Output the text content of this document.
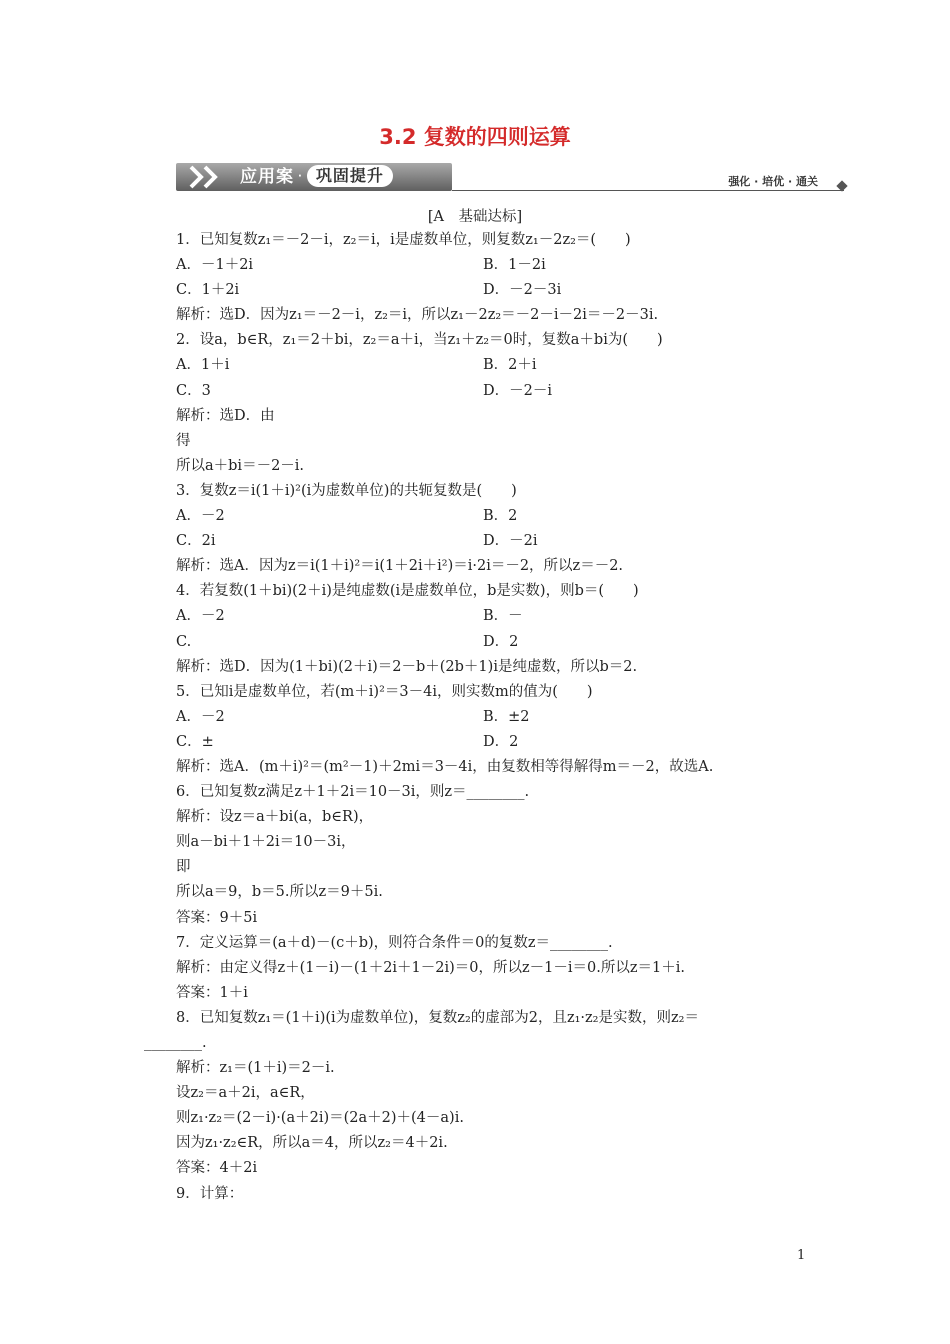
3.2 复数的四则运算
应用案 · 巩固提升	强化 · 培优 · 通关
[A　基础达标]
1．已知复数z₁＝－2－i，z₂＝i，i是虚数单位，则复数z₁－2z₂＝(　　)
A．－1＋2i	B．1－2i
C．1＋2i	D．－2－3i
解析：选D．因为z₁＝－2－i，z₂＝i，所以z₁－2z₂＝－2－i－2i＝－2－3i.
2．设a，b∈R，z₁＝2＋bi，z₂＝a＋i，当z₁＋z₂＝0时，复数a＋bi为(　　)
A．1＋i	B．2＋i
C．3	D．－2－i
解析：选D．由
得
所以a＋bi＝－2－i.
3．复数z＝i(1＋i)²(i为虚数单位)的共轭复数是(　　)
A．－2	B．2
C．2i	D．－2i
解析：选A．因为z＝i(1＋i)²＝i(1＋2i＋i²)＝i·2i＝－2，所以z＝－2.
4．若复数(1＋bi)(2＋i)是纯虚数(i是虚数单位，b是实数)，则b＝(　　)
A．－2	B．－
C.	D．2
解析：选D．因为(1＋bi)(2＋i)＝2－b＋(2b＋1)i是纯虚数，所以b＝2.
5．已知i是虚数单位，若(m＋i)²＝3－4i，则实数m的值为(　　)
A．－2	B．±2
C．±	D．2
解析：选A．(m＋i)²＝(m²－1)＋2mi＝3－4i，由复数相等得解得m＝－2，故选A.
6．已知复数z满足z＋1＋2i＝10－3i，则z＝________.
解析：设z＝a＋bi(a，b∈R)，
则a－bi＋1＋2i＝10－3i，
即
所以a＝9，b＝5.所以z＝9＋5i.
答案：9＋5i
7．定义运算＝(a＋d)－(c＋b)，则符合条件＝0的复数z＝________.
解析：由定义得z＋(1－i)－(1＋2i＋1－2i)＝0，所以z－1－i＝0.所以z＝1＋i.
答案：1＋i
8．已知复数z₁＝(1＋i)(i为虚数单位)，复数z₂的虚部为2，且z₁·z₂是实数，则z₂＝
________.
解析：z₁＝(1＋i)＝2－i.
设z₂＝a＋2i，a∈R，
则z₁·z₂＝(2－i)·(a＋2i)＝(2a＋2)＋(4－a)i.
因为z₁·z₂∈R，所以a＝4，所以z₂＝4＋2i.
答案：4＋2i
9．计算：
1
